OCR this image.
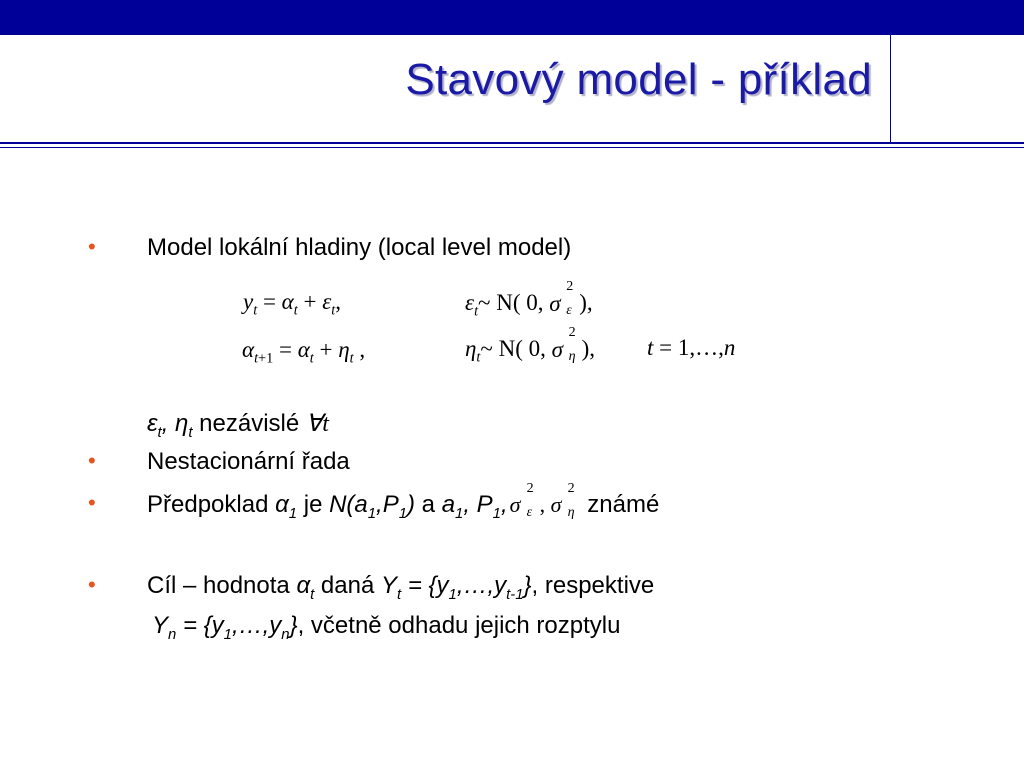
Stavový model - příklad
• Model lokální hladiny (local level model)
$y_t = \alpha_t + \varepsilon_t$,
$\alpha_{t+1} = \alpha_t + \eta_t$ ,
$\varepsilon_t\sim$ N( 0, σ
2
ε ),
$\eta_t\sim$ N( 0, σ
2
η ), t = 1,…,n
$\varepsilon_t$, $\eta_t$ nezávislé ∀t
• Nestacionární řada
• Předpoklad $\alpha_1$ je $N(a_1,P_1)$ a $a_1$, $P_1$, σ
2
ε , σ
2
η známé
• Cíl – hodnota $\alpha_t$ daná $Y_t$ = $\{y_1,\dots,y_{t-1}\}$, respektive
$Y_n$ = $\{y_1,\dots,y_n\}$, včetně odhadu jejich rozptylu
